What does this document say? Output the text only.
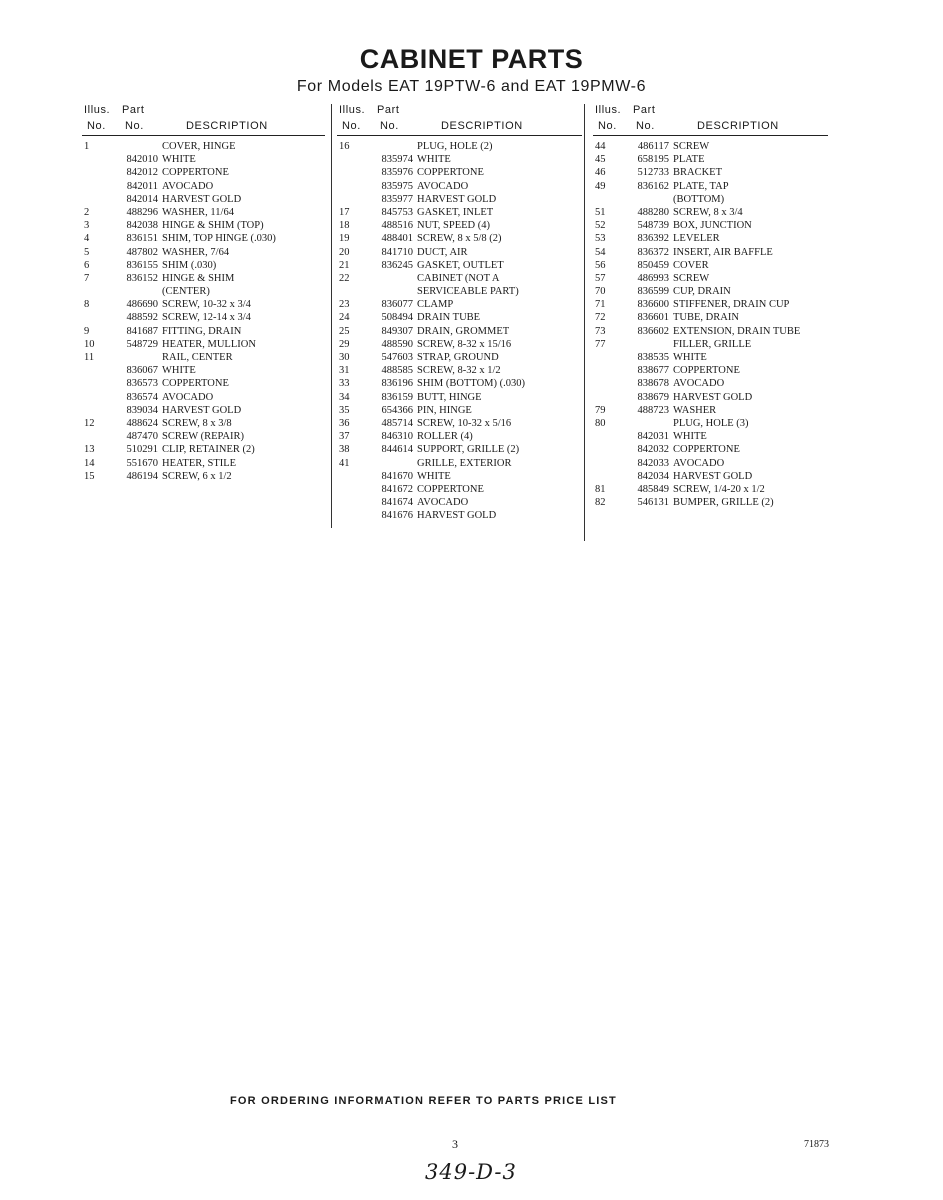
CABINET PARTS
For Models EAT 19PTW-6 and EAT 19PMW-6
Illus. Part
No. No.	DESCRIPTION
1	COVER, HINGE
842010 WHITE
842012 COPPERTONE
842011 AVOCADO
842014 HARVEST GOLD
2	488296 WASHER, 11/64
3	842038 HINGE & SHIM (TOP)
4	836151 SHIM, TOP HINGE (.030)
5	487802 WASHER, 7/64
6	836155 SHIM (.030)
7	836152 HINGE & SHIM
(CENTER)
8	486690 SCREW, 10-32 x 3/4
488592 SCREW, 12-14 x 3/4
9	841687 FITTING, DRAIN
10	548729 HEATER, MULLION
11	RAIL, CENTER
836067 WHITE
836573 COPPERTONE
836574 AVOCADO
839034 HARVEST GOLD
12	488624 SCREW, 8 x 3/8
487470 SCREW (REPAIR)
13	510291 CLIP, RETAINER (2)
14	551670 HEATER, STILE
15	486194 SCREW, 6 x 1/2
Illus. Part
No. No.	DESCRIPTION
16	PLUG, HOLE (2)
835974 WHITE
835976 COPPERTONE
835975 AVOCADO
835977 HARVEST GOLD
17	845753 GASKET, INLET
18	488516 NUT, SPEED (4)
19	488401 SCREW, 8 x 5/8 (2)
20	841710 DUCT, AIR
21	836245 GASKET, OUTLET
22	CABINET (NOT A
SERVICEABLE PART)
23	836077 CLAMP
24	508494 DRAIN TUBE
25	849307 DRAIN, GROMMET
29	488590 SCREW, 8-32 x 15/16
30	547603 STRAP, GROUND
31	488585 SCREW, 8-32 x 1/2
33	836196 SHIM (BOTTOM) (.030)
34	836159 BUTT, HINGE
35	654366 PIN, HINGE
36	485714 SCREW, 10-32 x 5/16
37	846310 ROLLER (4)
38	844614 SUPPORT, GRILLE (2)
41	GRILLE, EXTERIOR
841670 WHITE
841672 COPPERTONE
841674 AVOCADO
841676 HARVEST GOLD
Illus. Part
No. No.	DESCRIPTION
44	486117 SCREW
45	658195 PLATE
46	512733 BRACKET
49	836162 PLATE, TAP
(BOTTOM)
51	488280 SCREW, 8 x 3/4
52	548739 BOX, JUNCTION
53	836392 LEVELER
54	836372 INSERT, AIR BAFFLE
56	850459 COVER
57	486993 SCREW
70	836599 CUP, DRAIN
71	836600 STIFFENER, DRAIN CUP
72	836601 TUBE, DRAIN
73	836602 EXTENSION, DRAIN TUBE
77	FILLER, GRILLE
838535 WHITE
838677 COPPERTONE
838678 AVOCADO
838679 HARVEST GOLD
79	488723 WASHER
80	PLUG, HOLE (3)
842031 WHITE
842032 COPPERTONE
842033 AVOCADO
842034 HARVEST GOLD
81	485849 SCREW, 1/4-20 x 1/2
82	546131 BUMPER, GRILLE (2)
FOR ORDERING INFORMATION REFER TO PARTS PRICE LIST
3	71873
349-D-3
